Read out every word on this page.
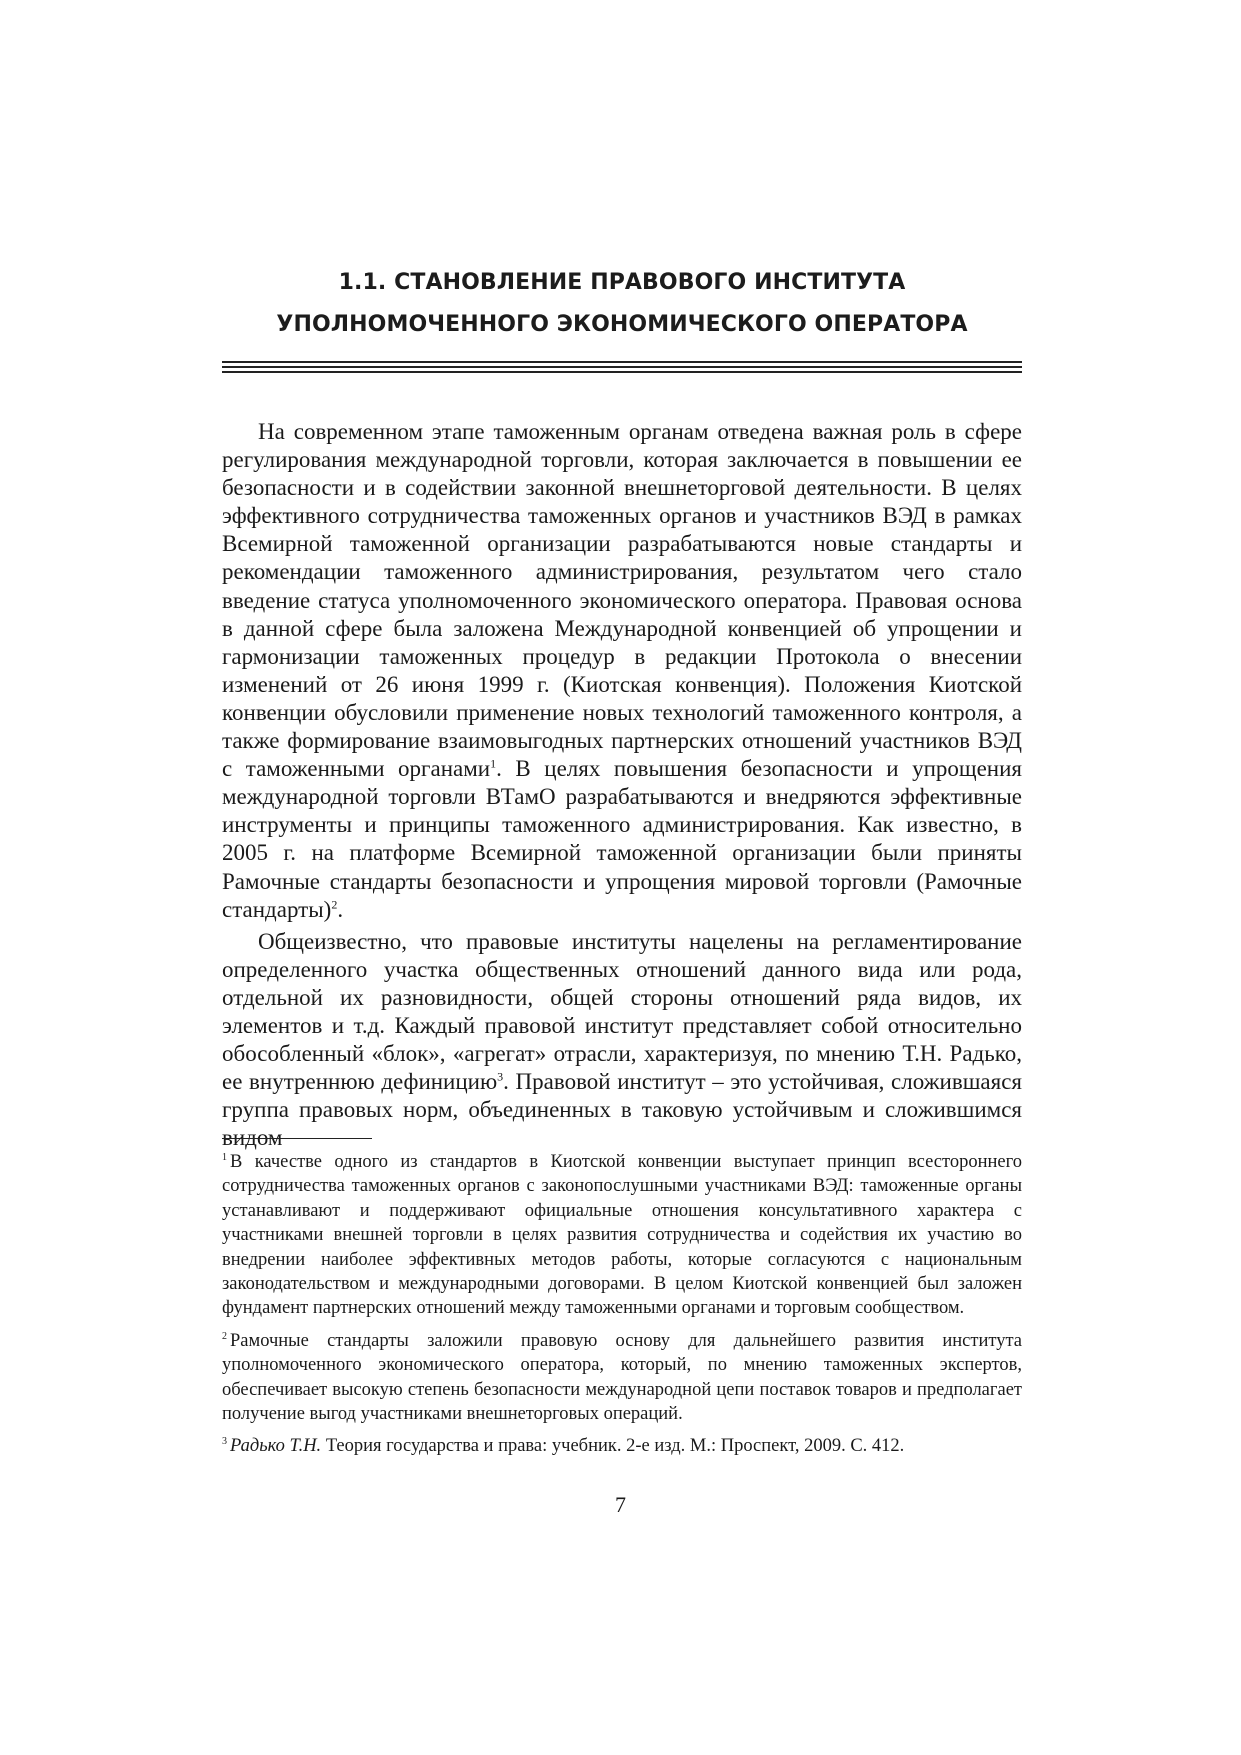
1.1. СТАНОВЛЕНИЕ ПРАВОВОГО ИНСТИТУТА
УПОЛНОМОЧЕННОГО ЭКОНОМИЧЕСКОГО ОПЕРАТОРА

На современном этапе таможенным органам отведена важная роль в сфере регулирования международной торговли, которая заключается в повышении ее безопасности и в содействии законной внешнеторговой деятельности. В целях эффективного сотрудничества таможенных органов и участников ВЭД в рамках Всемирной таможенной организации разрабатываются новые стандарты и рекомендации таможенного администрирования, результатом чего стало введение статуса уполномоченного экономического оператора. Правовая основа в данной сфере была заложена Международной конвенцией об упрощении и гармонизации таможенных процедур в редакции Протокола о внесении изменений от 26 июня 1999 г. (Киотская конвенция). Положения Киотской конвенции обусловили применение новых технологий таможенного контроля, а также формирование взаимовыгодных партнерских отношений участников ВЭД с таможенными органами$^1$. В целях повышения безопасности и упрощения международной торговли ВТамО разрабатываются и внедряются эффективные инструменты и принципы таможенного администрирования. Как известно, в 2005 г. на платформе Всемирной таможенной организации были приняты Рамочные стандарты безопасности и упрощения мировой торговли (Рамочные стандарты)$^2$.

Общеизвестно, что правовые институты нацелены на регламентирование определенного участка общественных отношений данного вида или рода, отдельной их разновидности, общей стороны отношений ряда видов, их элементов и т.д. Каждый правовой институт представляет собой относительно обособленный «блок», «агрегат» отрасли, характеризуя, по мнению Т.Н. Радько, ее внутреннюю дефиницию$^3$. Правовой институт – это устойчивая, сложившаяся группа правовых норм, объединенных в таковую устойчивым и сложившимся видом

$^1$ В качестве одного из стандартов в Киотской конвенции выступает принцип всестороннего сотрудничества таможенных органов с законопослушными участниками ВЭД: таможенные органы устанавливают и поддерживают официальные отношения консультативного характера с участниками внешней торговли в целях развития сотрудничества и содействия их участию во внедрении наиболее эффективных методов работы, которые согласуются с национальным законодательством и международными договорами. В целом Киотской конвенцией был заложен фундамент партнерских отношений между таможенными органами и торговым сообществом.

$^2$ Рамочные стандарты заложили правовую основу для дальнейшего развития института уполномоченного экономического оператора, который, по мнению таможенных экспертов, обеспечивает высокую степень безопасности международной цепи поставок товаров и предполагает получение выгод участниками внешнеторговых операций.

$^3$ Радько Т.Н. Теория государства и права: учебник. 2-е изд. М.: Проспект, 2009. С. 412.

7
